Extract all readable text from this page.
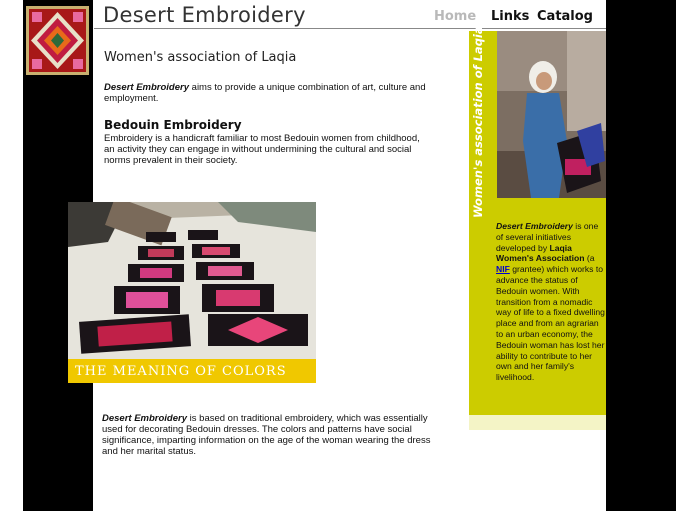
Desert Embroidery	Home Links Catalog
Women's association of Laqia
Desert Embroidery aims to provide a unique combination of art, culture and employment.
Bedouin Embroidery
Embroidery is a handicraft familiar to most Bedouin women from childhood, an activity they can engage in without undermining the cultural and social norms prevalent in their society.
THE MEANING OF COLORS
Desert Embroidery is based on traditional embroidery, which was essentially used for decorating Bedouin dresses. The colors and patterns have social significance, imparting information on the age of the woman wearing the dress and her marital status.
Women's association of Laqia
Desert Embroidery is one of several initiatives developed by Laqia Women's Association (a NIF grantee) which works to advance the status of Bedouin women. With transition from a nomadic way of life to a fixed dwelling place and from an agrarian to an urban economy, the Bedouin woman has lost her ability to contribute to her own and her family's livelihood.
